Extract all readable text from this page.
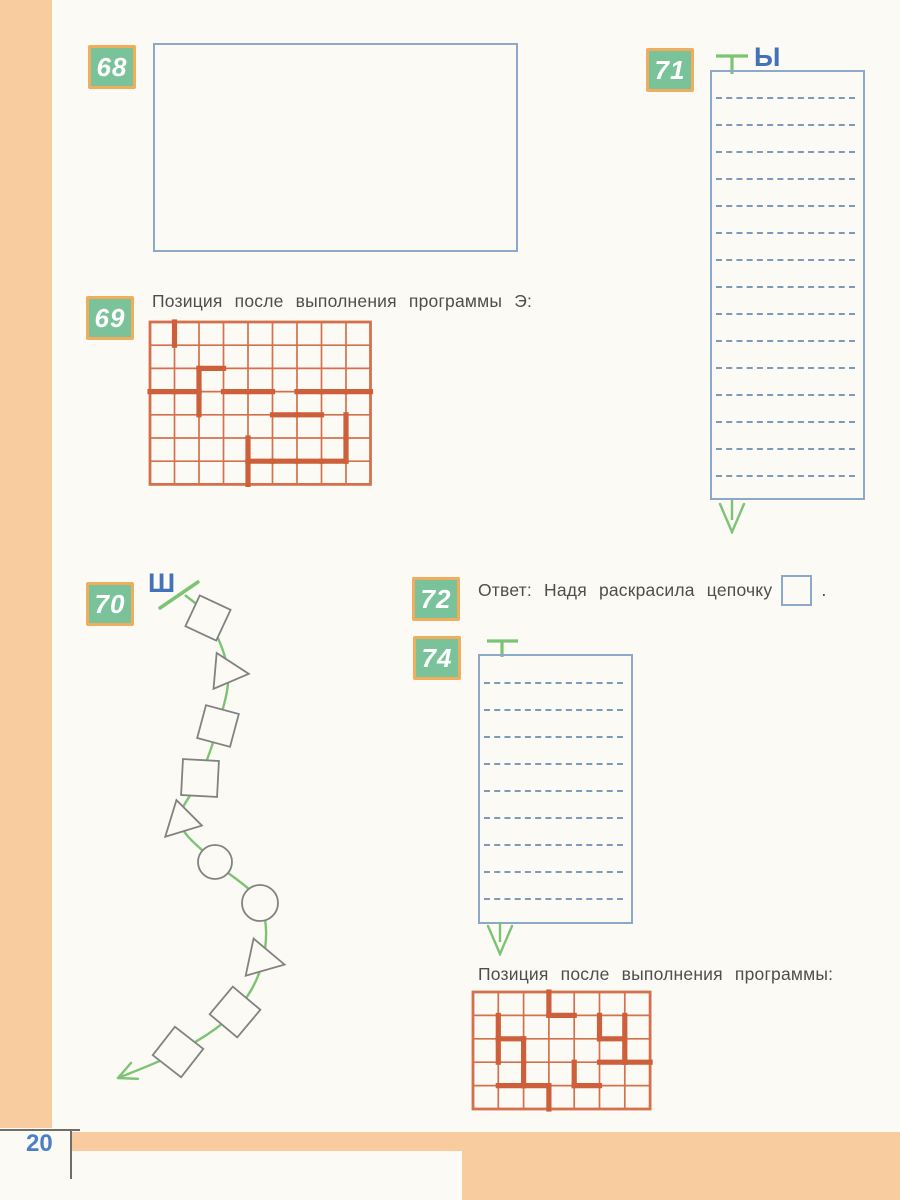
20
68
69
Позиция после выполнения программы Э:
70
Ш
71	Ы
72	Ответ: Надя раскрасила цепочку	.
74
Позиция после выполнения программы:
